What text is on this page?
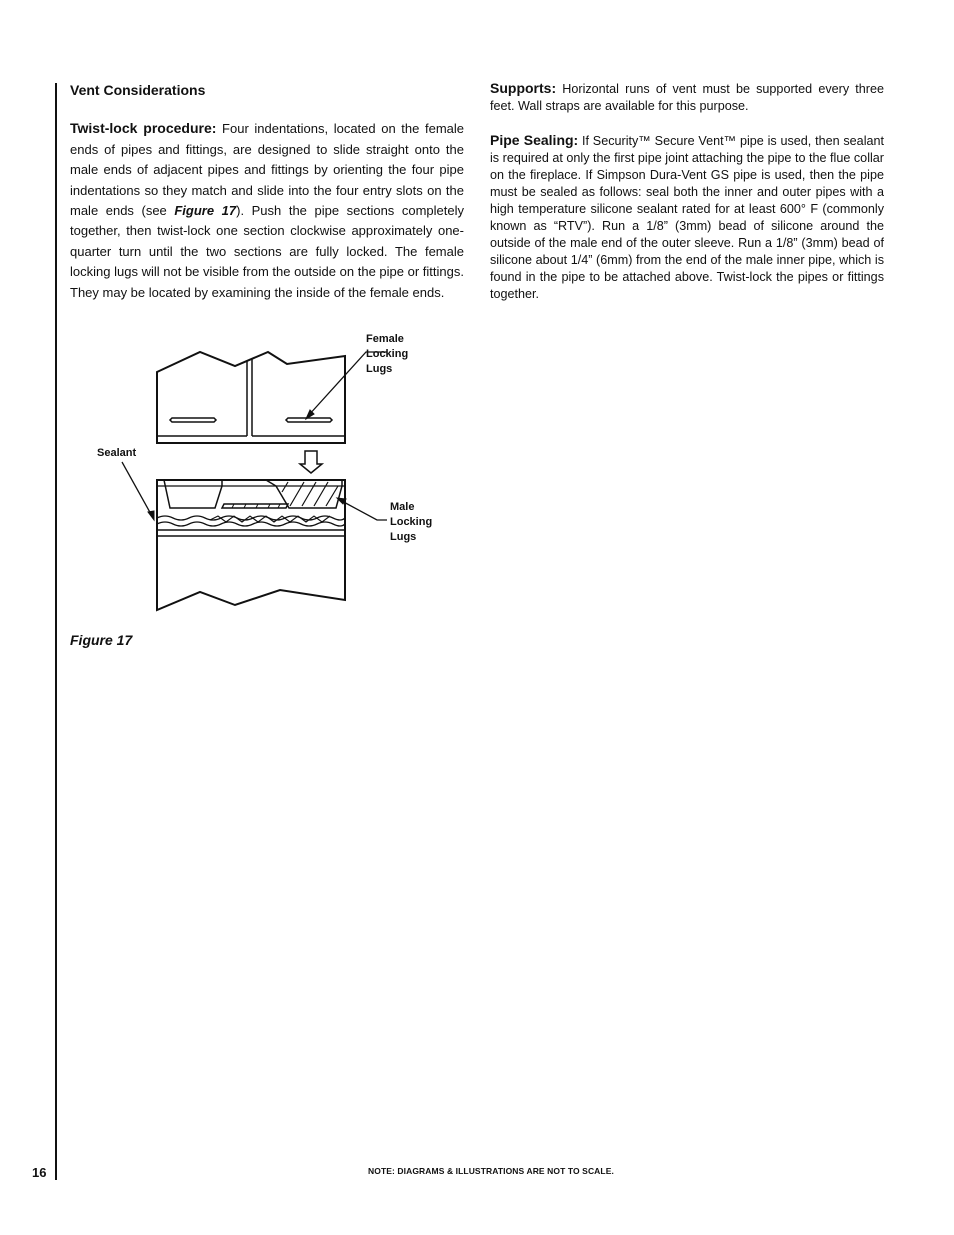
Vent Considerations

Twist-lock procedure: Four indentations, located on the female ends of pipes and fittings, are designed to slide straight onto the male ends of adjacent pipes and fittings by orienting the four pipe indentations so they match and slide into the four entry slots on the male ends (see Figure 17). Push the pipe sections completely together, then twist-lock one section clockwise approximately one-quarter turn until the two sections are fully locked. The female locking lugs will not be visible from the outside on the pipe or fittings. They may be located by examining the inside of the female ends.

Supports: Horizontal runs of vent must be supported every three feet. Wall straps are available for this purpose.

Pipe Sealing: If Security™ Secure Vent™ pipe is used, then sealant is required at only the first pipe joint attaching the pipe to the flue collar on the fireplace. If Simpson Dura-Vent GS pipe is used, then the pipe must be sealed as follows: seal both the inner and outer pipes with a high temperature silicone sealant rated for at least 600° F (commonly known as “RTV”). Run a 1/8” (3mm) bead of silicone around the outside of the male end of the outer sleeve. Run a 1/8” (3mm) bead of silicone about 1/4” (6mm) from the end of the male inner pipe, which is found in the pipe to be attached above. Twist-lock the pipes or fittings together.

Female
Locking
Lugs
Sealant
Male
Locking
Lugs
Figure 17
16	NOTE: DIAGRAMS & ILLUSTRATIONS ARE NOT TO SCALE.
